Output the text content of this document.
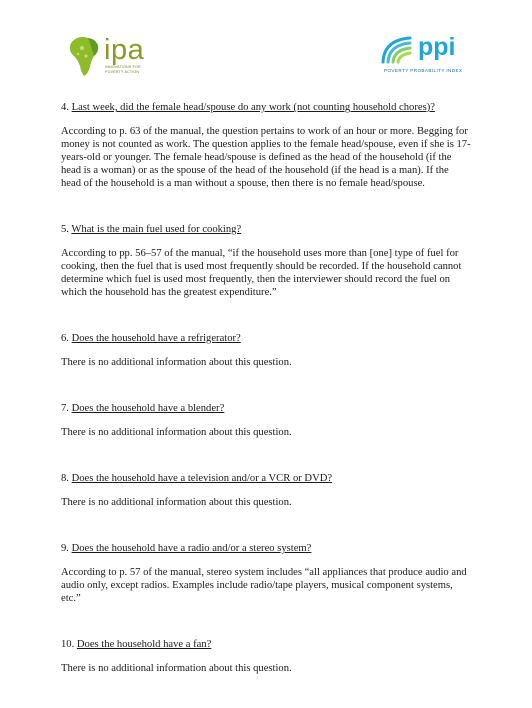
ipa
INNOVATIONS FOR POVERTY ACTION
ppi
POVERTY PROBABILITY INDEX

4. Last week, did the female head/spouse do any work (not counting household chores)?

According to p. 63 of the manual, the question pertains to work of an hour or more. Begging for money is not counted as work. The question applies to the female head/spouse, even if she is 17-years-old or younger. The female head/spouse is defined as the head of the household (if the head is a woman) or as the spouse of the head of the household (if the head is a man). If the head of the household is a man without a spouse, then there is no female head/spouse.

5. What is the main fuel used for cooking?

According to pp. 56–57 of the manual, “if the household uses more than [one] type of fuel for cooking, then the fuel that is used most frequently should be recorded. If the household cannot determine which fuel is used most frequently, then the interviewer should record the fuel on which the household has the greatest expenditure.”

6. Does the household have a refrigerator?

There is no additional information about this question.

7. Does the household have a blender?

There is no additional information about this question.

8. Does the household have a television and/or a VCR or DVD?

There is no additional information about this question.

9. Does the household have a radio and/or a stereo system?

According to p. 57 of the manual, stereo system includes “all appliances that produce audio and audio only, except radios. Examples include radio/tape players, musical component systems, etc.”

10. Does the household have a fan?

There is no additional information about this question.
